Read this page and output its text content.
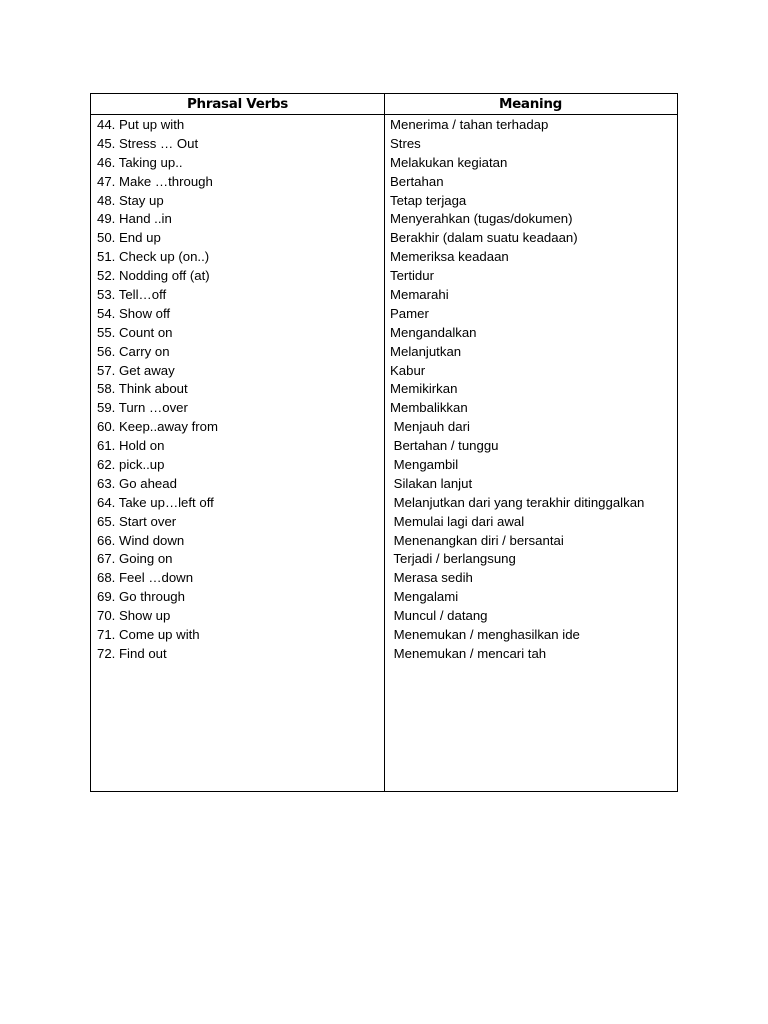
Phrasal Verbs	Meaning
44. Put up with
45. Stress … Out
46. Taking up..
47. Make …through
48. Stay up
49. Hand ..in
50. End up
51. Check up (on..)
52. Nodding off (at)
53. Tell…off
54. Show off
55. Count on
56. Carry on
57. Get away
58. Think about
59. Turn …over
60. Keep..away from
61. Hold on
62. pick..up
63. Go ahead
64. Take up…left off
65. Start over
66. Wind down
67. Going on
68. Feel …down
69. Go through
70. Show up
71. Come up with
72. Find out
Menerima / tahan terhadap
Stres
Melakukan kegiatan
Bertahan
Tetap terjaga
Menyerahkan (tugas/dokumen)
Berakhir (dalam suatu keadaan)
Memeriksa keadaan
Tertidur
Memarahi
Pamer
Mengandalkan
Melanjutkan
Kabur
Memikirkan
Membalikkan
Menjauh dari
Bertahan / tunggu
Mengambil
Silakan lanjut
Melanjutkan dari yang terakhir ditinggalkan
Memulai lagi dari awal
Menenangkan diri / bersantai
Terjadi / berlangsung
Merasa sedih
Mengalami
Muncul / datang
Menemukan / menghasilkan ide
Menemukan / mencari tah
